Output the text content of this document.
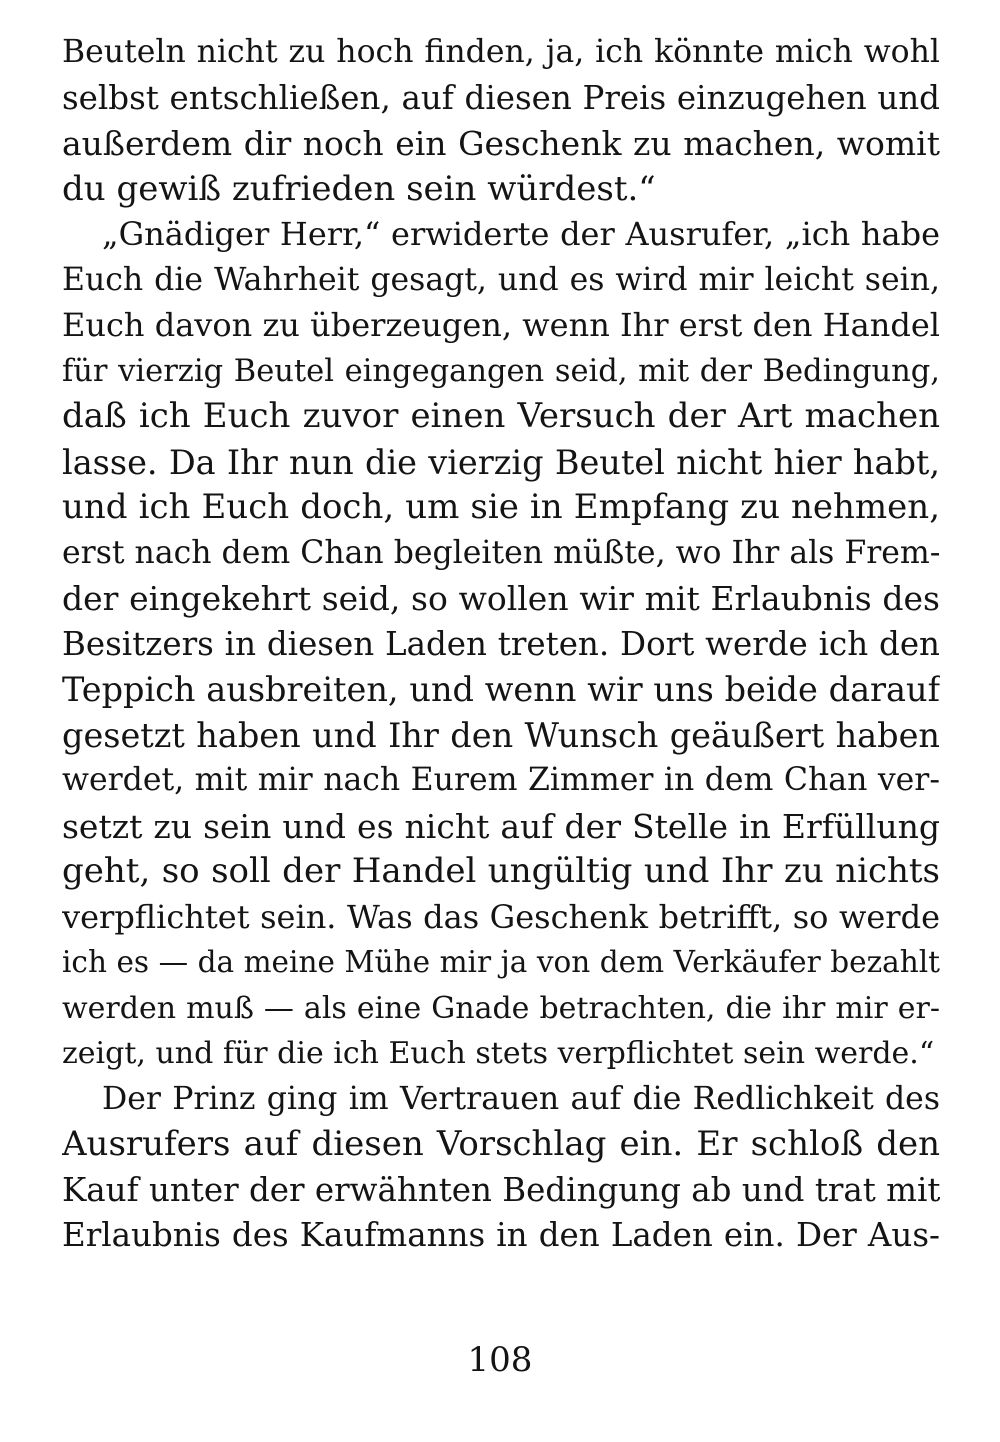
Beuteln nicht zu hoch finden, ja, ich könnte mich wohl
selbst entschließen, auf diesen Preis einzugehen und
außerdem dir noch ein Geschenk zu machen, womit
du gewiß zufrieden sein würdest.“
„Gnädiger Herr,“ erwiderte der Ausrufer, „ich habe
Euch die Wahrheit gesagt, und es wird mir leicht sein,
Euch davon zu überzeugen, wenn Ihr erst den Handel
für vierzig Beutel eingegangen seid, mit der Bedingung,
daß ich Euch zuvor einen Versuch der Art machen
lasse. Da Ihr nun die vierzig Beutel nicht hier habt,
und ich Euch doch, um sie in Empfang zu nehmen,
erst nach dem Chan begleiten müßte, wo Ihr als Frem-
der eingekehrt seid, so wollen wir mit Erlaubnis des
Besitzers in diesen Laden treten. Dort werde ich den
Teppich ausbreiten, und wenn wir uns beide darauf
gesetzt haben und Ihr den Wunsch geäußert haben
werdet, mit mir nach Eurem Zimmer in dem Chan ver-
setzt zu sein und es nicht auf der Stelle in Erfüllung
geht, so soll der Handel ungültig und Ihr zu nichts
verpflichtet sein. Was das Geschenk betrifft, so werde
ich es — da meine Mühe mir ja von dem Verkäufer bezahlt
werden muß — als eine Gnade betrachten, die ihr mir er-
zeigt, und für die ich Euch stets verpflichtet sein werde.“
Der Prinz ging im Vertrauen auf die Redlichkeit des
Ausrufers auf diesen Vorschlag ein. Er schloß den
Kauf unter der erwähnten Bedingung ab und trat mit
Erlaubnis des Kaufmanns in den Laden ein. Der Aus-
108
